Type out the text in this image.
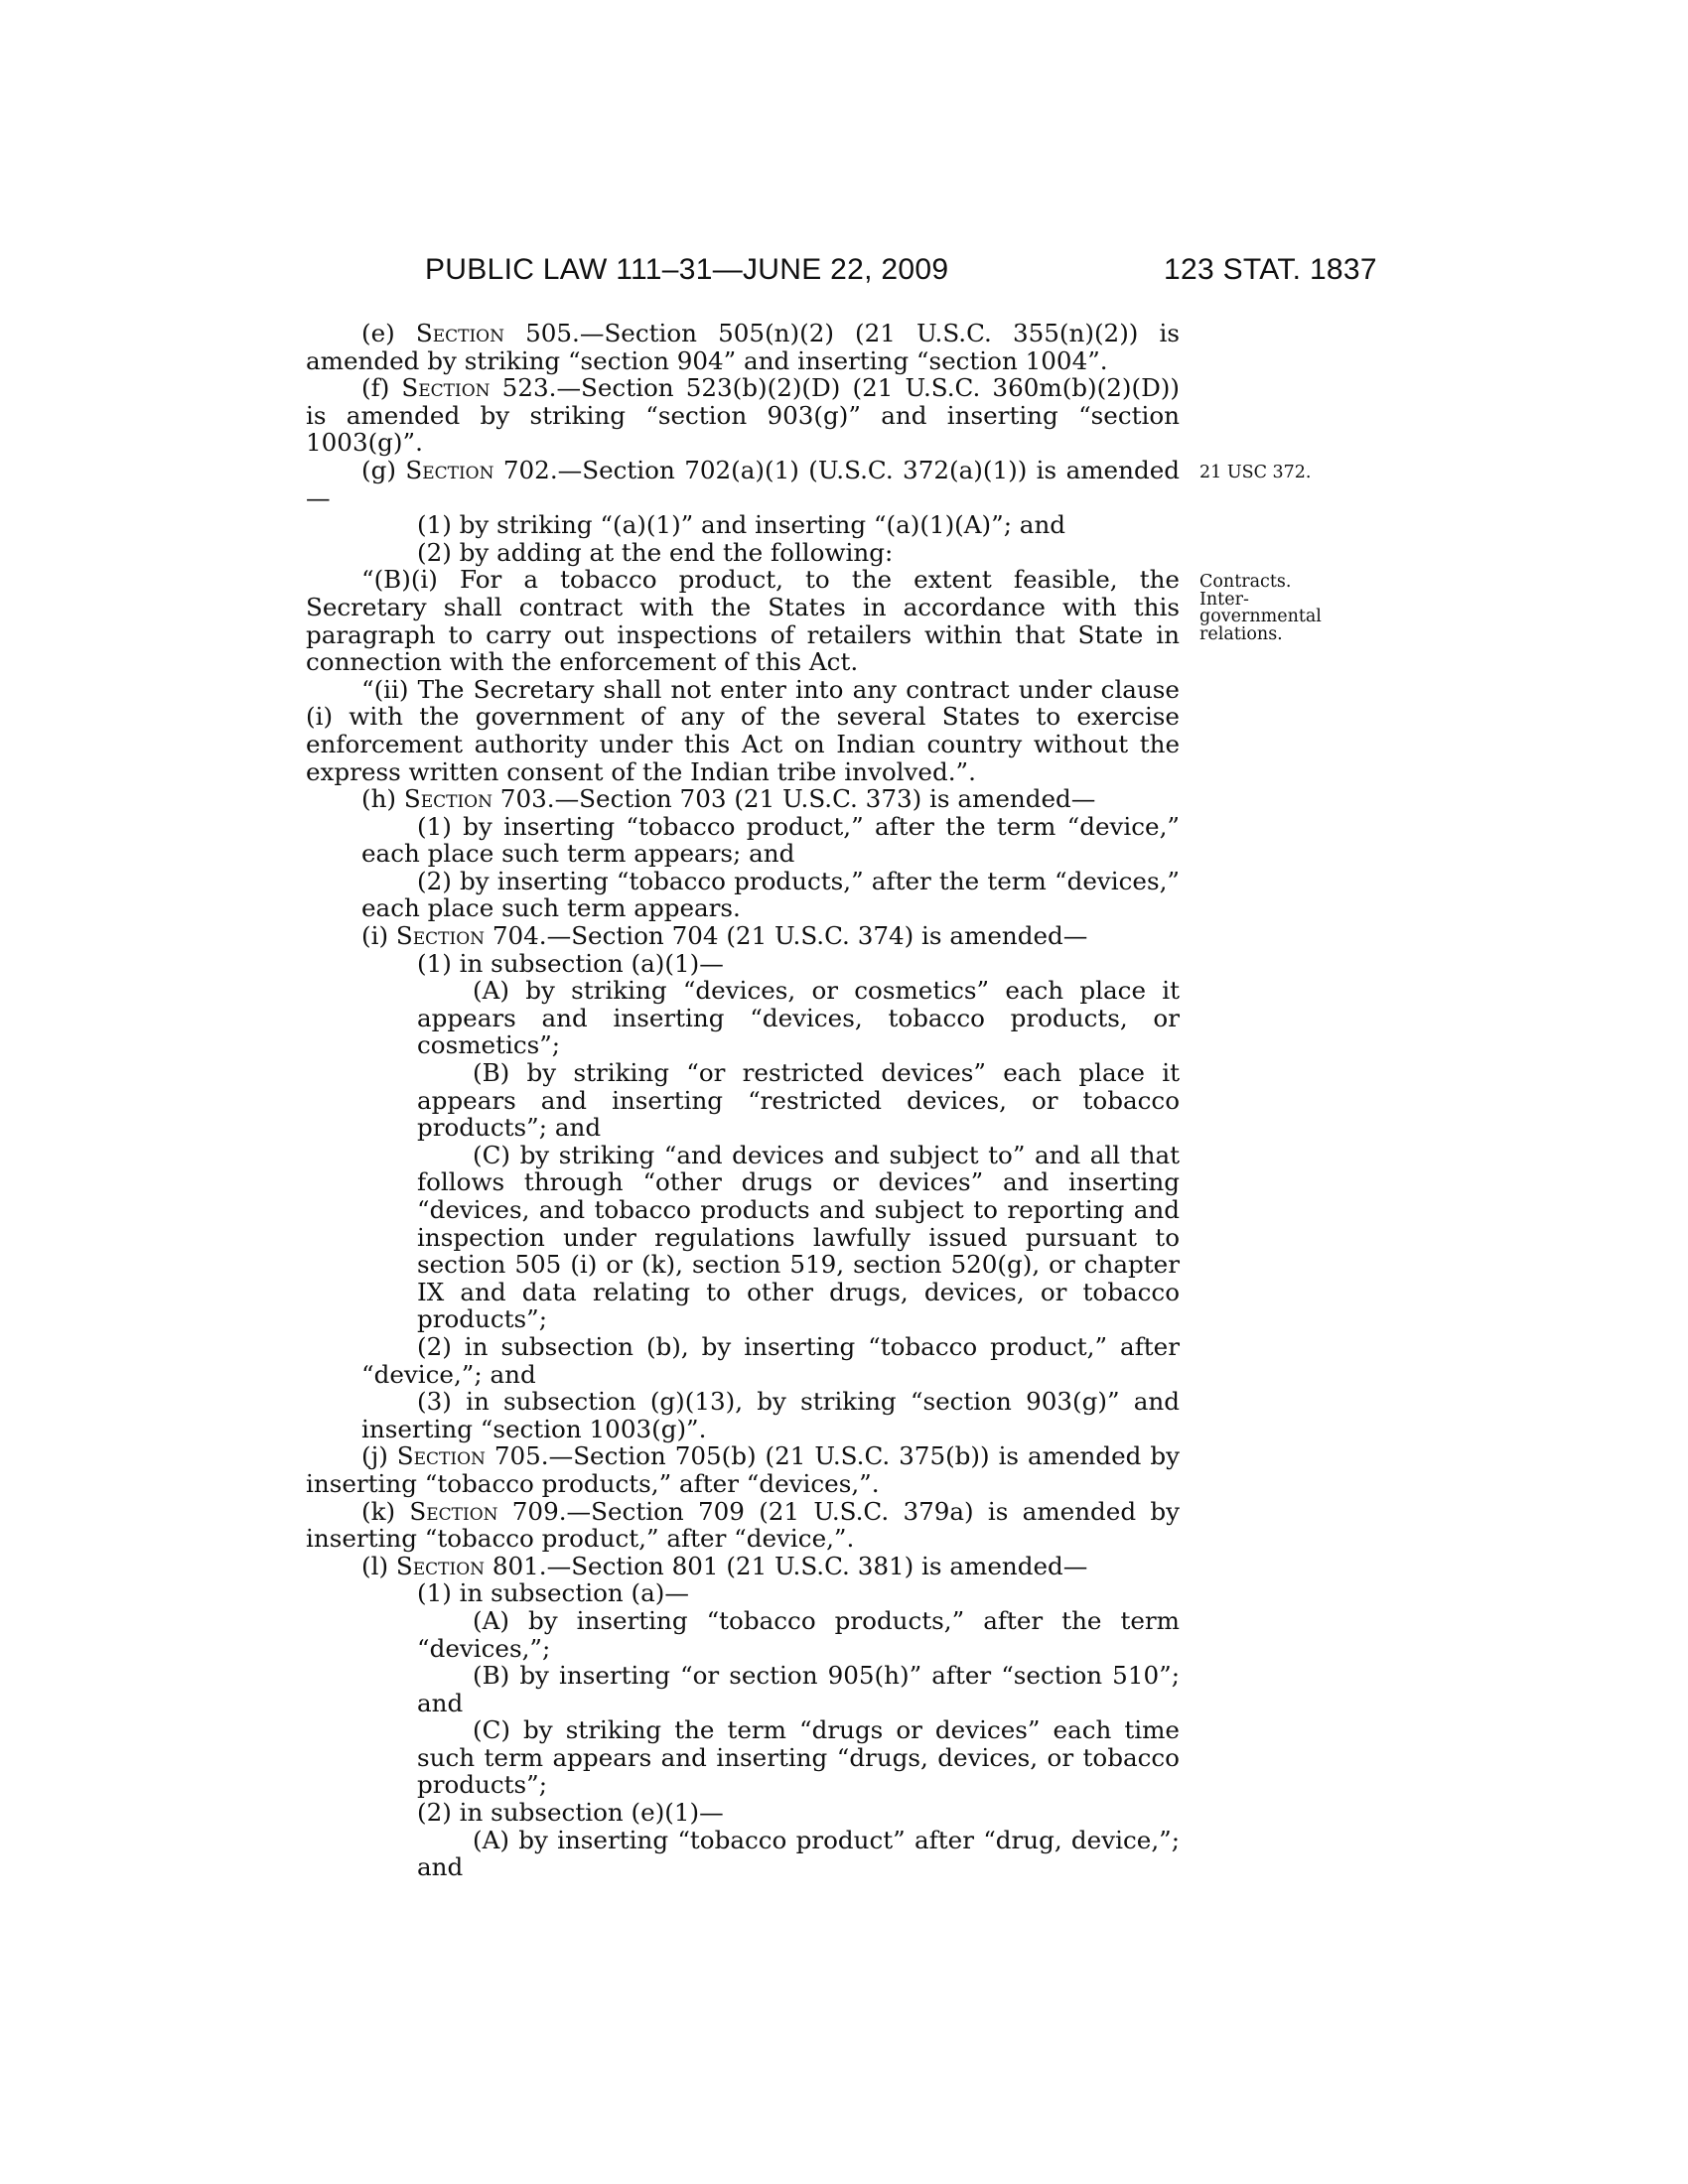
PUBLIC LAW 111–31—JUNE 22, 2009	123 STAT. 1837

(e) Section 505.—Section 505(n)(2) (21 U.S.C. 355(n)(2)) is amended by striking “section 904” and inserting “section 1004”.

(f) Section 523.—Section 523(b)(2)(D) (21 U.S.C. 360m(b)(2)(D)) is amended by striking “section 903(g)” and inserting “section 1003(g)”.

(g) Section 702.—Section 702(a)(1) (U.S.C. 372(a)(1)) is amended—

(1) by striking “(a)(1)” and inserting “(a)(1)(A)”; and

(2) by adding at the end the following:

“(B)(i) For a tobacco product, to the extent feasible, the Secretary shall contract with the States in accordance with this paragraph to carry out inspections of retailers within that State in connection with the enforcement of this Act.

“(ii) The Secretary shall not enter into any contract under clause (i) with the government of any of the several States to exercise enforcement authority under this Act on Indian country without the express written consent of the Indian tribe involved.”.

(h) Section 703.—Section 703 (21 U.S.C. 373) is amended—

(1) by inserting “tobacco product,” after the term “device,” each place such term appears; and

(2) by inserting “tobacco products,” after the term “devices,” each place such term appears.

(i) Section 704.—Section 704 (21 U.S.C. 374) is amended—

(1) in subsection (a)(1)—

(A) by striking “devices, or cosmetics” each place it appears and inserting “devices, tobacco products, or cosmetics”;

(B) by striking “or restricted devices” each place it appears and inserting “restricted devices, or tobacco products”; and

(C) by striking “and devices and subject to” and all that follows through “other drugs or devices” and inserting “devices, and tobacco products and subject to reporting and inspection under regulations lawfully issued pursuant to section 505 (i) or (k), section 519, section 520(g), or chapter IX and data relating to other drugs, devices, or tobacco products”;

(2) in subsection (b), by inserting “tobacco product,” after “device,”; and

(3) in subsection (g)(13), by striking “section 903(g)” and inserting “section 1003(g)”.

(j) Section 705.—Section 705(b) (21 U.S.C. 375(b)) is amended by inserting “tobacco products,” after “devices,”.

(k) Section 709.—Section 709 (21 U.S.C. 379a) is amended by inserting “tobacco product,” after “device,”.

(l) Section 801.—Section 801 (21 U.S.C. 381) is amended—

(1) in subsection (a)—

(A) by inserting “tobacco products,” after the term “devices,”;

(B) by inserting “or section 905(h)” after “section 510”; and

(C) by striking the term “drugs or devices” each time such term appears and inserting “drugs, devices, or tobacco products”;

(2) in subsection (e)(1)—

(A) by inserting “tobacco product” after “drug, device,”; and

21 USC 372.
Contracts.
Inter-
governmental
relations.
